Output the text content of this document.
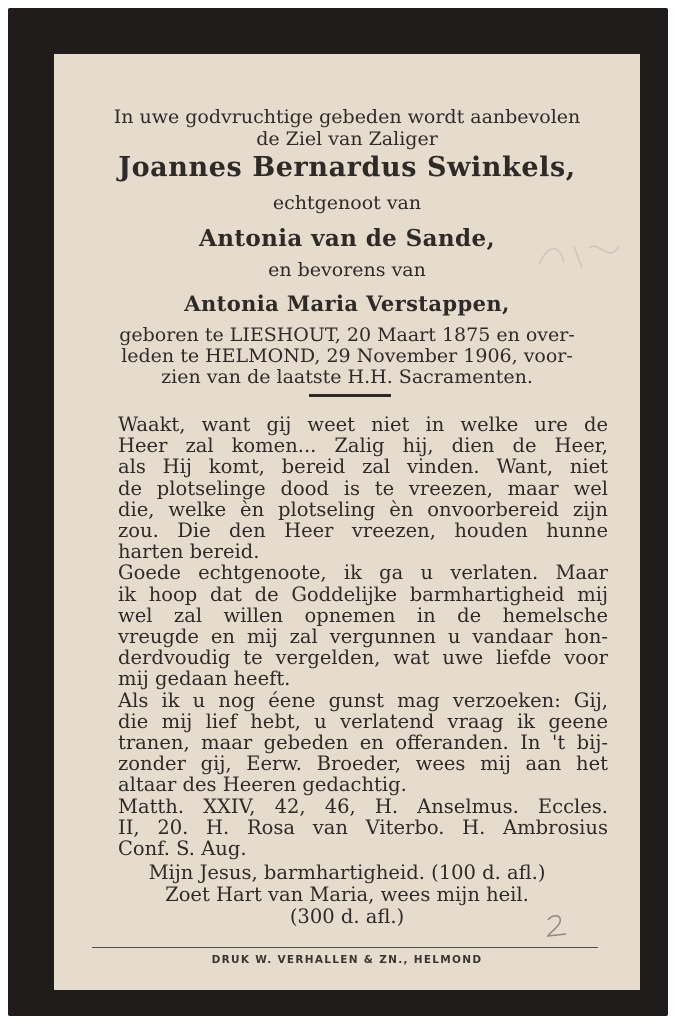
In uwe godvruchtige gebeden wordt aanbevolen
de Ziel van Zaliger
Joannes Bernardus Swinkels,
echtgenoot van
Antonia van de Sande,
en bevorens van
Antonia Maria Verstappen,
geboren te LIESHOUT, 20 Maart 1875 en over-
leden te HELMOND, 29 November 1906, voor-
zien van de laatste H.H. Sacramenten.
Waakt, want gij weet niet in welke ure de
Heer zal komen... Zalig hij, dien de Heer,
als Hij komt, bereid zal vinden. Want, niet
de plotselinge dood is te vreezen, maar wel
die, welke èn plotseling èn onvoorbereid zijn
zou. Die den Heer vreezen, houden hunne
harten bereid.
Goede echtgenoote, ik ga u verlaten. Maar
ik hoop dat de Goddelijke barmhartigheid mij
wel zal willen opnemen in de hemelsche
vreugde en mij zal vergunnen u vandaar hon-
derdvoudig te vergelden, wat uwe liefde voor
mij gedaan heeft.
Als ik u nog éene gunst mag verzoeken: Gij,
die mij lief hebt, u verlatend vraag ik geene
tranen, maar gebeden en offeranden. In 't bij-
zonder gij, Eerw. Broeder, wees mij aan het
altaar des Heeren gedachtig.
Matth. XXIV, 42, 46, H. Anselmus. Eccles.
II, 20. H. Rosa van Viterbo. H. Ambrosius
Conf. S. Aug.
Mijn Jesus, barmhartigheid. (100 d. afl.)
Zoet Hart van Maria, wees mijn heil.
(300 d. afl.)
DRUK W. VERHALLEN & ZN., HELMOND
